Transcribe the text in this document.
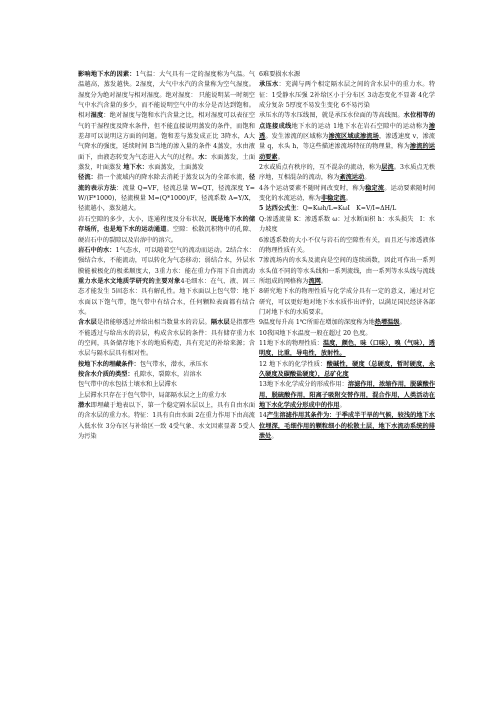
影响地下水的因素：1气温：大气具有一定的湿度称为气温。气温越高，蒸发越快。2湿度，大气中水汽的含量称为空气湿度。湿度分为绝对湿度与相对湿度。绝对湿度： 只能说明某一时刻空气中水汽含量的多少，而不能说明空气中的水分是否达到饱和。相对湿度：绝对湿度与饱和水汽含量之比，相对湿度可以表征空气的干湿程度及降水条件，但不能直接说明蒸发的条件，而饱和差却可以说明这方面的问题。饱和差与蒸发成正比 3降水，A大气降水的强度，延续时间 B当地的渗入量的条件 4蒸发，水由液面下，由液态转变为气态进入大气的过程。水：水面蒸发，土面蒸发，叶面蒸发 地下水：水面蒸发，土面蒸发

径流：指一个流域内的降水除去消耗于蒸发以为的全部水流，径流的表示方法：流量 Q=VF，径流总量 W=QT，径流深度 Y=W/(F*1000)，径流模量 M=(Q*1000)/F，径流系数 A=Y/X，径流越小，蒸发越大。

岩石空隙的多少，大小，连通程度及分布状况，既是地下水的储存场所，也是地下水的运动通道。空隙：松散沉积物中的孔隙、硬岩石中的裂隙以及岩溶中的溶穴。

岩石中的水：1气态水，可以随着空气的流动而运动。2结合水：强结合水，不能流动，可以转化为气态移动；弱结合水，外层水膜能被极化的极柔顺度大，3重力水：能在重力作用下自由流动重力水是水文地质学研究的主要对象4毛细水：在气、液、固三态才能发生 5固态水：具有解孔性。地下水面以上包气带：地下水面以下饱气带，饱气带中有结合水，任何颗粒表面都有结合水。

含水层是指能够透过并给出相当数量水的岩层。隔水层是指那些不能透过与给出水的岩层，构成含水层的条件：具有储存重力水的空间，具备储存地下水的地质构造，具有充足的补给来源；含水层与隔水层具有相对性。

按地下水的埋藏条件：包气带水，潜水，承压水

按含水介质的类型：孔隙水，裂隙水，岩溶水

包气带中的水包括土壤水和上层滞水

上层滞水只存在于包气带中，局部隔水层之上的重力水

潜水即埋藏于地表以下，第一个稳定隔水层以上，具有自由水面的含水层的重力水。特征：1具有自由水面 2在重力作用下由高流入低水位 3分布区与补给区一致 4受气象、水文因素显著 5受人为污染

6难要损水水源

承压水：充满与两个相定隔水层之间的含水层中的重力水。特征：1受静水压强 2补给区小于分布区 3动态变化不显著 4化学成分复杂 5厚度不易发生变化 6不易污染

承压水的等水压线图，就是承压水位面的等高线图。水位相等的点连接成线地下水的运动 1地下水在岩石空隙中的运动称为渗透。发生渗流的区域称为渗流区域或渗流场，渗透速度 v，渗流量 q，水头 h，等这些描述渗流场特征的物理量，称为渗流的运动要素。

2水或质点有秩序的，互不混杂的流动，称为层流。3水质点无秩序地，互相混杂的流动，称为紊流运动。

4各个运动要素不随时间改变时，称为稳定流。运动要素随时间变化的水流运动，称为非稳定流。

5 达西公式主：Q=Kωh/L=KωI　K=V/I=ΔH/L

Q:渗透流量 K：渗透系数 ω：过水断面积 h：水头损失　I：水力坡度

6渗透系数的大小不仅与岩石的空隙性有关，而且还与渗透液体的物理性质有关。

7渗流场内的水头及流向是空间的连续函数，因此可作出一系列水头值不同的等水头线和一系列流线，由一系列等水头线与流线所组成的网格称为流网。

8研究地下水的物理性质与化学成分具有一定的意义，通过对它研究，可以更好地对地下水水质作出评价，以满足国民经济各部门对地下水的水质要求。

9温度每升高 1℃所需在增加的深度称为地热增温级。

10我国地下水温度一般在超过 20 色度。

11地下水的物理性质：温度，颜色，味（口味），嗅（气味），透明度，比重，导电性，放射性。

12 地下水的化学性质：酸碱性，硬度（总硬度，暂时硬度，永久硬度及碳酸盐硬度），总矿化度

13地下水化学成分的形成作用：溶滤作用，浓缩作用，脱碳酸作用，脱硫酸作用，阳离子吸附交替作用，混合作用，人类活动在地下水化学成分形成中的作用。

14产生溶滤作用其条件为：于季成半干旱的气候，较浅的地下水位埋深，毛细作用的颗粒细小的松散土层，地下水流动系统的排泄处。
